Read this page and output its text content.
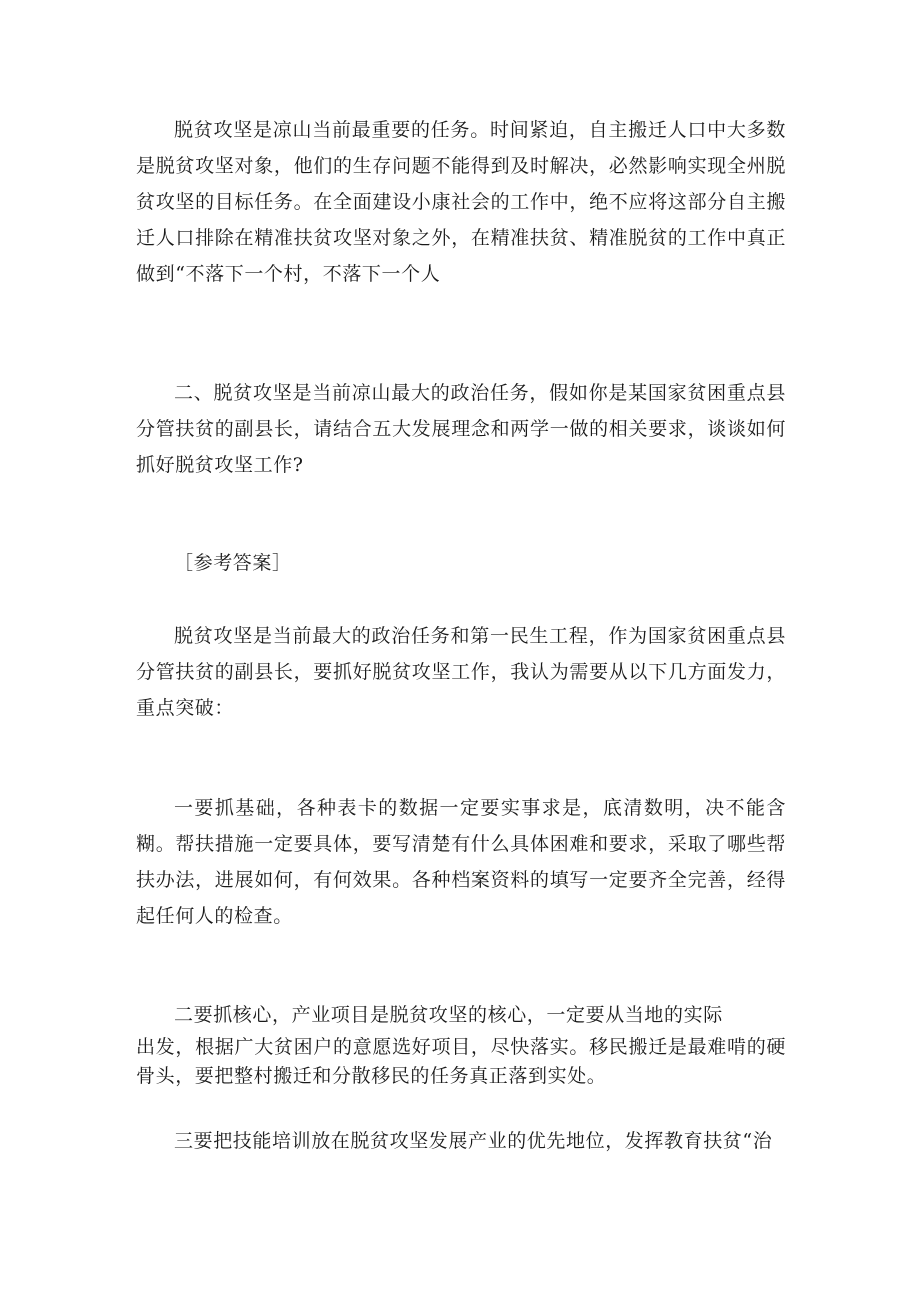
脱贫攻坚是凉山当前最重要的任务。时间紧迫，自主搬迁人口中大多数是脱贫攻坚对象，他们的生存问题不能得到及时解决，必然影响实现全州脱贫攻坚的目标任务。在全面建设小康社会的工作中，绝不应将这部分自主搬迁人口排除在精准扶贫攻坚对象之外，在精准扶贫、精准脱贫的工作中真正做到“不落下一个村，不落下一个人

二、脱贫攻坚是当前凉山最大的政治任务，假如你是某国家贫困重点县分管扶贫的副县长，请结合五大发展理念和两学一做的相关要求，谈谈如何抓好脱贫攻坚工作?

［参考答案］

脱贫攻坚是当前最大的政治任务和第一民生工程，作为国家贫困重点县分管扶贫的副县长，要抓好脱贫攻坚工作，我认为需要从以下几方面发力，重点突破：

一要抓基础，各种表卡的数据一定要实事求是，底清数明，决不能含糊。帮扶措施一定要具体，要写清楚有什么具体困难和要求，采取了哪些帮扶办法，进展如何，有何效果。各种档案资料的填写一定要齐全完善，经得起任何人的检查。

二要抓核心，产业项目是脱贫攻坚的核心，一定要从当地的实际

出发，根据广大贫困户的意愿选好项目，尽快落实。移民搬迁是最难啃的硬骨头，要把整村搬迁和分散移民的任务真正落到实处。

三要把技能培训放在脱贫攻坚发展产业的优先地位，发挥教育扶贫“治
